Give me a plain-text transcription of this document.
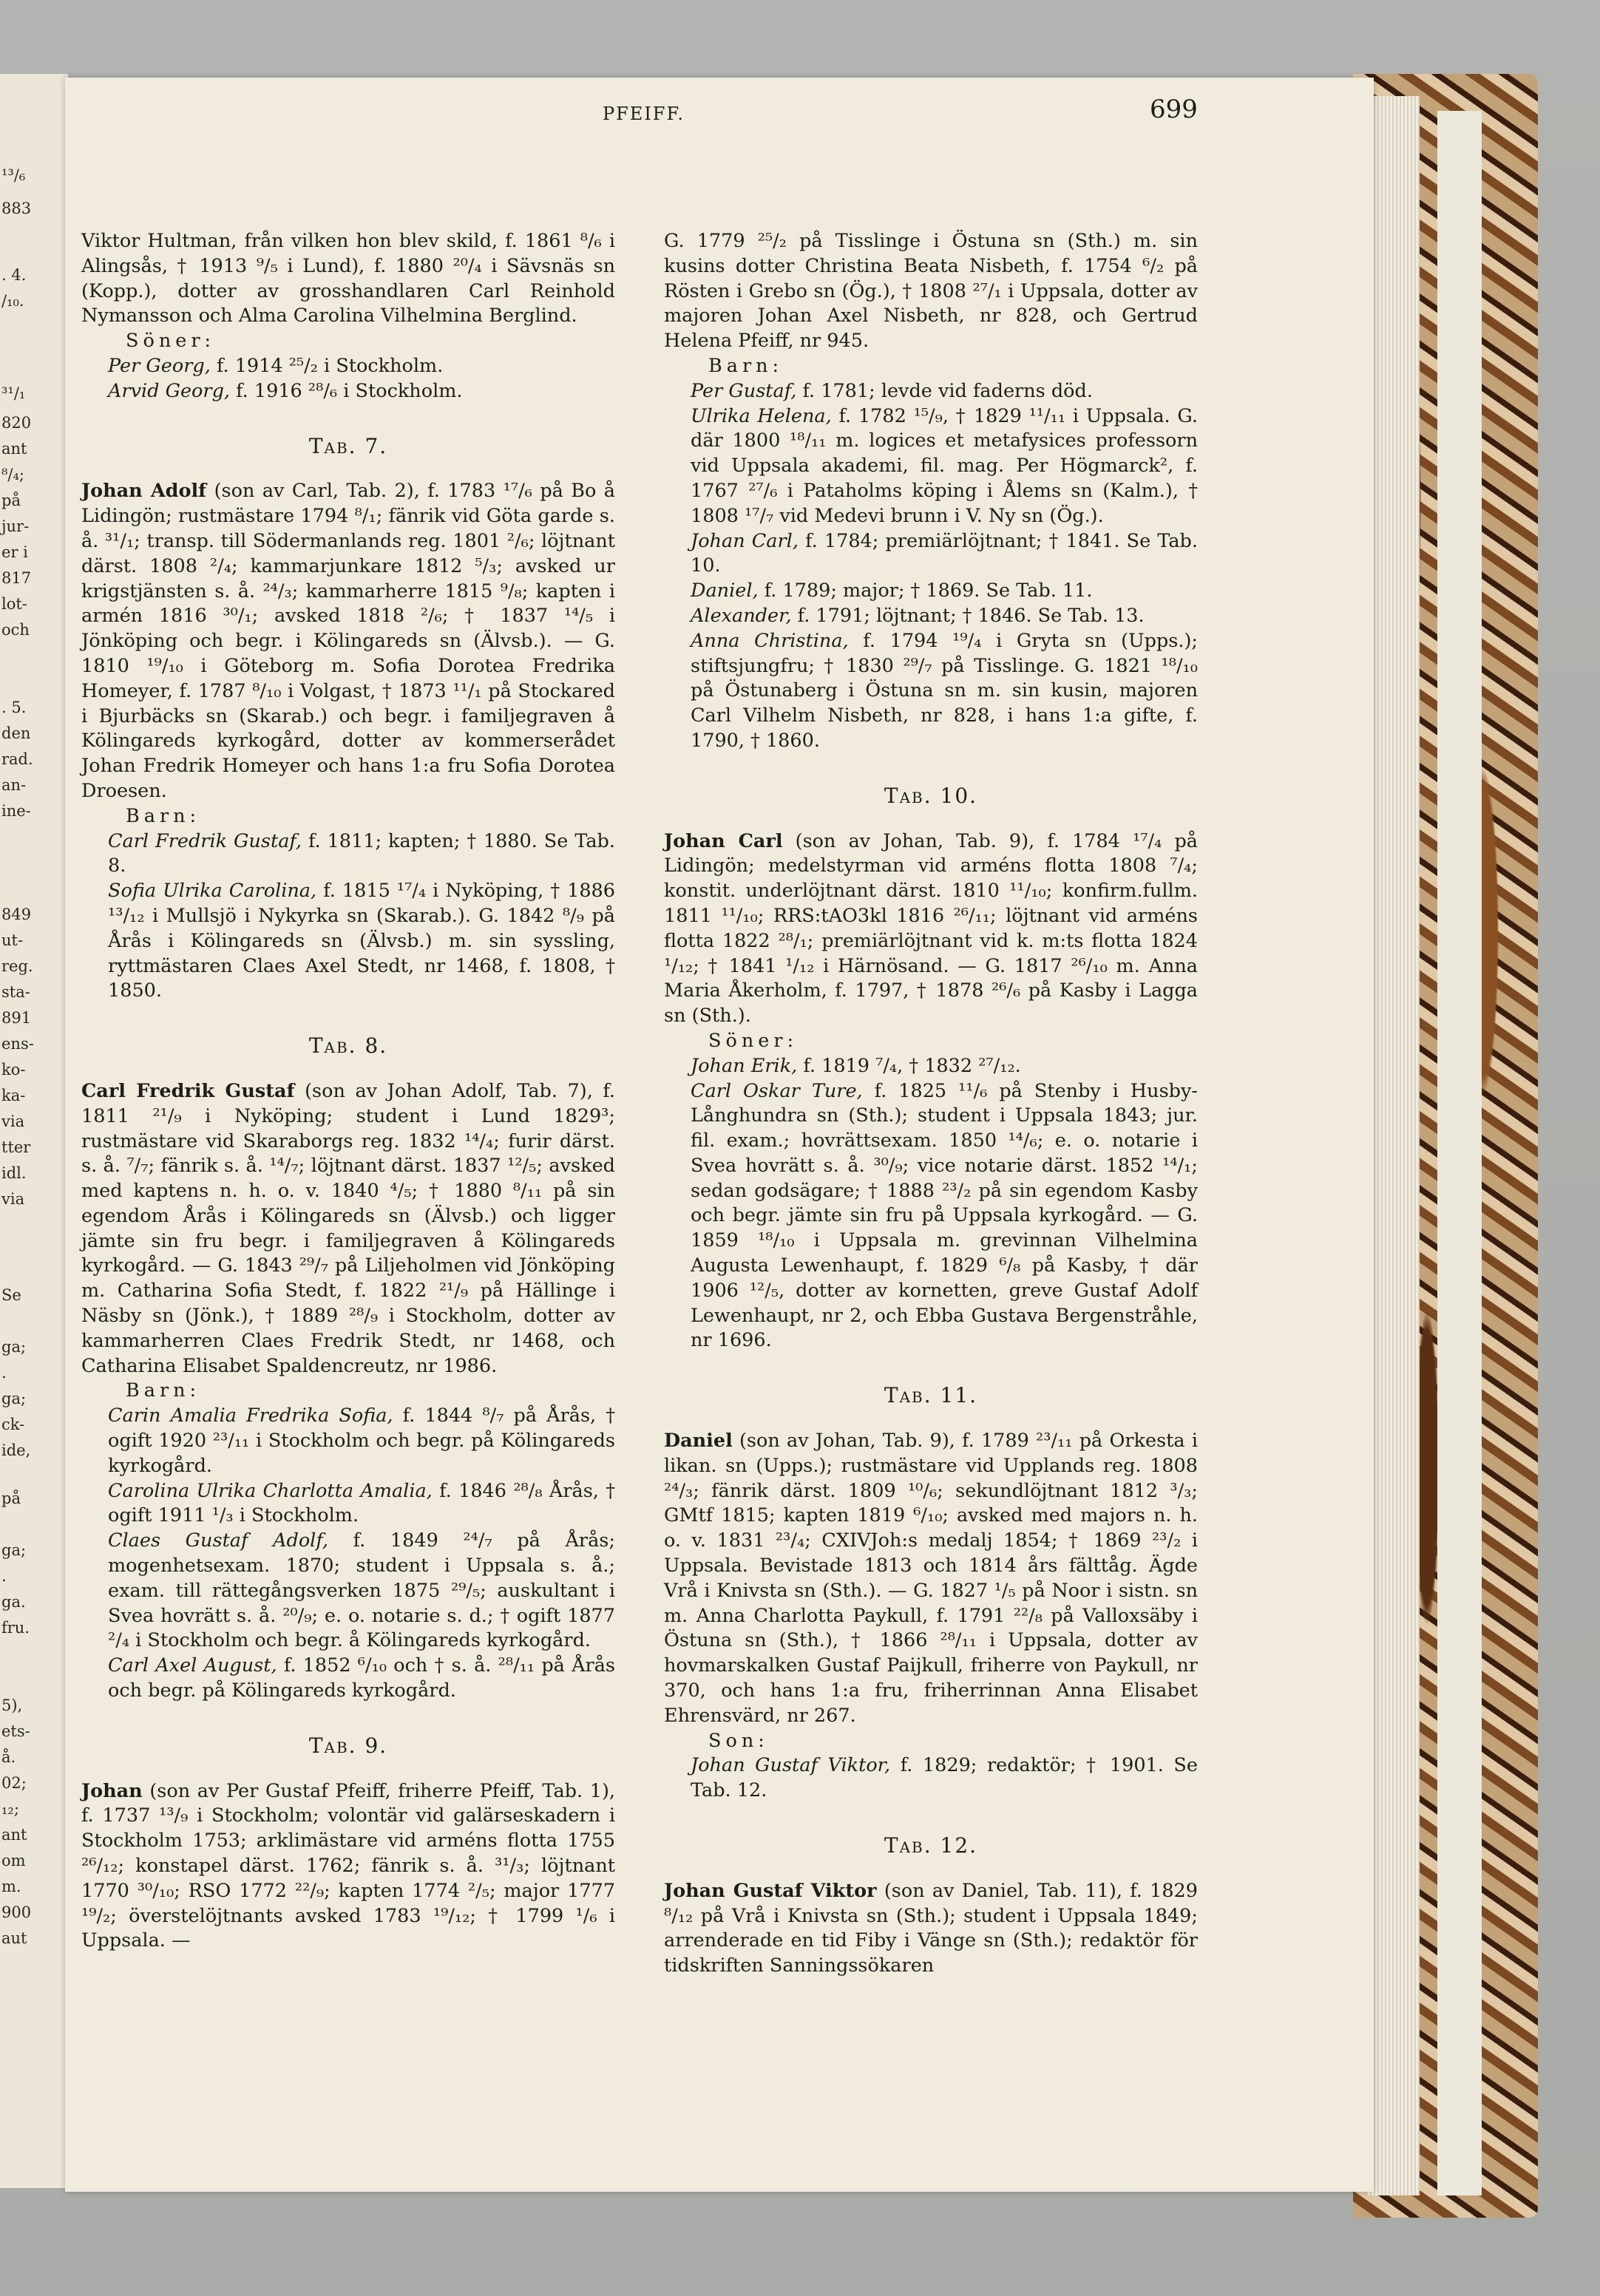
¹³/₆
883
. 4.
/₁₀.
³¹/₁
820
ant
⁸/₄;
på
jur-
er i
817
lot-
och
. 5.
den
rad.
an-
ine-
849
ut-
reg.
sta-
891
ens-
ko-
ka-
via
tter
idl.
via
Se
ga;
.
ga;
ck-
ide,
på
ga;
.
ga.
fru.
5),
ets-
å.
02;
₁₂;
ant
om
m.
900
aut
PFEIFF.	699

Viktor Hultman, från vilken hon blev skild, f. 1861 ⁸/₆ i Alingsås, † 1913 ⁹/₅ i Lund), f. 1880 ²⁰/₄ i Sävsnäs sn (Kopp.), dotter av grosshandlaren Carl Reinhold Nymansson och Alma Carolina Vilhelmina Berglind.

Söner:

Per Georg, f. 1914 ²⁵/₂ i Stockholm.

Arvid Georg, f. 1916 ²⁸/₆ i Stockholm.

Tab. 7.

Johan Adolf (son av Carl, Tab. 2), f. 1783 ¹⁷/₆ på Bo å Lidingön; rustmästare 1794 ⁸/₁; fänrik vid Göta garde s. å. ³¹/₁; transp. till Södermanlands reg. 1801 ²/₆; löjtnant därst. 1808 ²/₄; kammarjunkare 1812 ⁵/₃; avsked ur krigstjänsten s. å. ²⁴/₃; kammarherre 1815 ⁹/₈; kapten i armén 1816 ³⁰/₁; avsked 1818 ²/₆; † 1837 ¹⁴/₅ i Jönköping och begr. i Kölingareds sn (Älvsb.). — G. 1810 ¹⁹/₁₀ i Göteborg m. Sofia Dorotea Fredrika Homeyer, f. 1787 ⁸/₁₀ i Volgast, † 1873 ¹¹/₁ på Stockared i Bjurbäcks sn (Skarab.) och begr. i familjegraven å Kölingareds kyrkogård, dotter av kommerserådet Johan Fredrik Homeyer och hans 1:a fru Sofia Dorotea Droesen.

Barn:

Carl Fredrik Gustaf, f. 1811; kapten; † 1880. Se Tab. 8.

Sofia Ulrika Carolina, f. 1815 ¹⁷/₄ i Nyköping, † 1886 ¹³/₁₂ i Mullsjö i Nykyrka sn (Skarab.). G. 1842 ⁸/₉ på Årås i Kölingareds sn (Älvsb.) m. sin syssling, ryttmästaren Claes Axel Stedt, nr 1468, f. 1808, † 1850.

Tab. 8.

Carl Fredrik Gustaf (son av Johan Adolf, Tab. 7), f. 1811 ²¹/₉ i Nyköping; student i Lund 1829³; rustmästare vid Skaraborgs reg. 1832 ¹⁴/₄; furir därst. s. å. ⁷/₇; fänrik s. å. ¹⁴/₇; löjtnant därst. 1837 ¹²/₅; avsked med kaptens n. h. o. v. 1840 ⁴/₅; † 1880 ⁸/₁₁ på sin egendom Årås i Kölingareds sn (Älvsb.) och ligger jämte sin fru begr. i familjegraven å Kölingareds kyrkogård. — G. 1843 ²⁹/₇ på Liljeholmen vid Jönköping m. Catharina Sofia Stedt, f. 1822 ²¹/₉ på Hällinge i Näsby sn (Jönk.), † 1889 ²⁸/₉ i Stockholm, dotter av kammarherren Claes Fredrik Stedt, nr 1468, och Catharina Elisabet Spaldencreutz, nr 1986.

Barn:

Carin Amalia Fredrika Sofia, f. 1844 ⁸/₇ på Årås, † ogift 1920 ²³/₁₁ i Stockholm och begr. på Kölingareds kyrkogård.

Carolina Ulrika Charlotta Amalia, f. 1846 ²⁸/₈ Årås, † ogift 1911 ¹/₃ i Stockholm.

Claes Gustaf Adolf, f. 1849 ²⁴/₇ på Årås; mogenhetsexam. 1870; student i Uppsala s. å.; exam. till rättegångsverken 1875 ²⁹/₅; auskultant i Svea hovrätt s. å. ²⁰/₉; e. o. notarie s. d.; † ogift 1877 ²/₄ i Stockholm och begr. å Kölingareds kyrkogård.

Carl Axel August, f. 1852 ⁶/₁₀ och † s. å. ²⁸/₁₁ på Årås och begr. på Kölingareds kyrkogård.

Tab. 9.

Johan (son av Per Gustaf Pfeiff, friherre Pfeiff, Tab. 1), f. 1737 ¹³/₉ i Stockholm; volontär vid galärseskadern i Stockholm 1753; arklimästare vid arméns flotta 1755 ²⁶/₁₂; konstapel därst. 1762; fänrik s. å. ³¹/₃; löjtnant 1770 ³⁰/₁₀; RSO 1772 ²²/₉; kapten 1774 ²/₅; major 1777 ¹⁹/₂; överstelöjtnants avsked 1783 ¹⁹/₁₂; † 1799 ¹/₆ i Uppsala. —

G. 1779 ²⁵/₂ på Tisslinge i Östuna sn (Sth.) m. sin kusins dotter Christina Beata Nisbeth, f. 1754 ⁶/₂ på Rösten i Grebo sn (Ög.), † 1808 ²⁷/₁ i Uppsala, dotter av majoren Johan Axel Nisbeth, nr 828, och Gertrud Helena Pfeiff, nr 945.

Barn:

Per Gustaf, f. 1781; levde vid faderns död.

Ulrika Helena, f. 1782 ¹⁵/₉, † 1829 ¹¹/₁₁ i Uppsala. G. där 1800 ¹⁸/₁₁ m. logices et metafysices professorn vid Uppsala akademi, fil. mag. Per Högmarck², f. 1767 ²⁷/₆ i Pataholms köping i Ålems sn (Kalm.), † 1808 ¹⁷/₇ vid Medevi brunn i V. Ny sn (Ög.).

Johan Carl, f. 1784; premiärlöjtnant; † 1841. Se Tab. 10.

Daniel, f. 1789; major; † 1869. Se Tab. 11.

Alexander, f. 1791; löjtnant; † 1846. Se Tab. 13.

Anna Christina, f. 1794 ¹⁹/₄ i Gryta sn (Upps.); stiftsjungfru; † 1830 ²⁹/₇ på Tisslinge. G. 1821 ¹⁸/₁₀ på Östunaberg i Östuna sn m. sin kusin, majoren Carl Vilhelm Nisbeth, nr 828, i hans 1:a gifte, f. 1790, † 1860.

Tab. 10.

Johan Carl (son av Johan, Tab. 9), f. 1784 ¹⁷/₄ på Lidingön; medelstyrman vid arméns flotta 1808 ⁷/₄; konstit. underlöjtnant därst. 1810 ¹¹/₁₀; konfirm.fullm. 1811 ¹¹/₁₀; RRS:tAO3kl 1816 ²⁶/₁₁; löjtnant vid arméns flotta 1822 ²⁸/₁; premiärlöjtnant vid k. m:ts flotta 1824 ¹/₁₂; † 1841 ¹/₁₂ i Härnösand. — G. 1817 ²⁶/₁₀ m. Anna Maria Åkerholm, f. 1797, † 1878 ²⁶/₆ på Kasby i Lagga sn (Sth.).

Söner:

Johan Erik, f. 1819 ⁷/₄, † 1832 ²⁷/₁₂.

Carl Oskar Ture, f. 1825 ¹¹/₆ på Stenby i Husby-Långhundra sn (Sth.); student i Uppsala 1843; jur. fil. exam.; hovrättsexam. 1850 ¹⁴/₆; e. o. notarie i Svea hovrätt s. å. ³⁰/₉; vice notarie därst. 1852 ¹⁴/₁; sedan godsägare; † 1888 ²³/₂ på sin egendom Kasby och begr. jämte sin fru på Uppsala kyrkogård. — G. 1859 ¹⁸/₁₀ i Uppsala m. grevinnan Vilhelmina Augusta Lewenhaupt, f. 1829 ⁶/₈ på Kasby, † där 1906 ¹²/₅, dotter av kornetten, greve Gustaf Adolf Lewenhaupt, nr 2, och Ebba Gustava Bergenstråhle, nr 1696.

Tab. 11.

Daniel (son av Johan, Tab. 9), f. 1789 ²³/₁₁ på Orkesta i likan. sn (Upps.); rustmästare vid Upplands reg. 1808 ²⁴/₃; fänrik därst. 1809 ¹⁰/₆; sekundlöjtnant 1812 ³/₃; GMtf 1815; kapten 1819 ⁶/₁₀; avsked med majors n. h. o. v. 1831 ²³/₄; CXIVJoh:s medalj 1854; † 1869 ²³/₂ i Uppsala. Bevistade 1813 och 1814 års fälttåg. Ägde Vrå i Knivsta sn (Sth.). — G. 1827 ¹/₅ på Noor i sistn. sn m. Anna Charlotta Paykull, f. 1791 ²²/₈ på Valloxsäby i Östuna sn (Sth.), † 1866 ²⁸/₁₁ i Uppsala, dotter av hovmarskalken Gustaf Paijkull, friherre von Paykull, nr 370, och hans 1:a fru, friherrinnan Anna Elisabet Ehrensvärd, nr 267.

Son:

Johan Gustaf Viktor, f. 1829; redaktör; † 1901. Se Tab. 12.

Tab. 12.

Johan Gustaf Viktor (son av Daniel, Tab. 11), f. 1829 ⁸/₁₂ på Vrå i Knivsta sn (Sth.); student i Uppsala 1849; arrenderade en tid Fiby i Vänge sn (Sth.); redaktör för tidskriften Sanningssökaren
